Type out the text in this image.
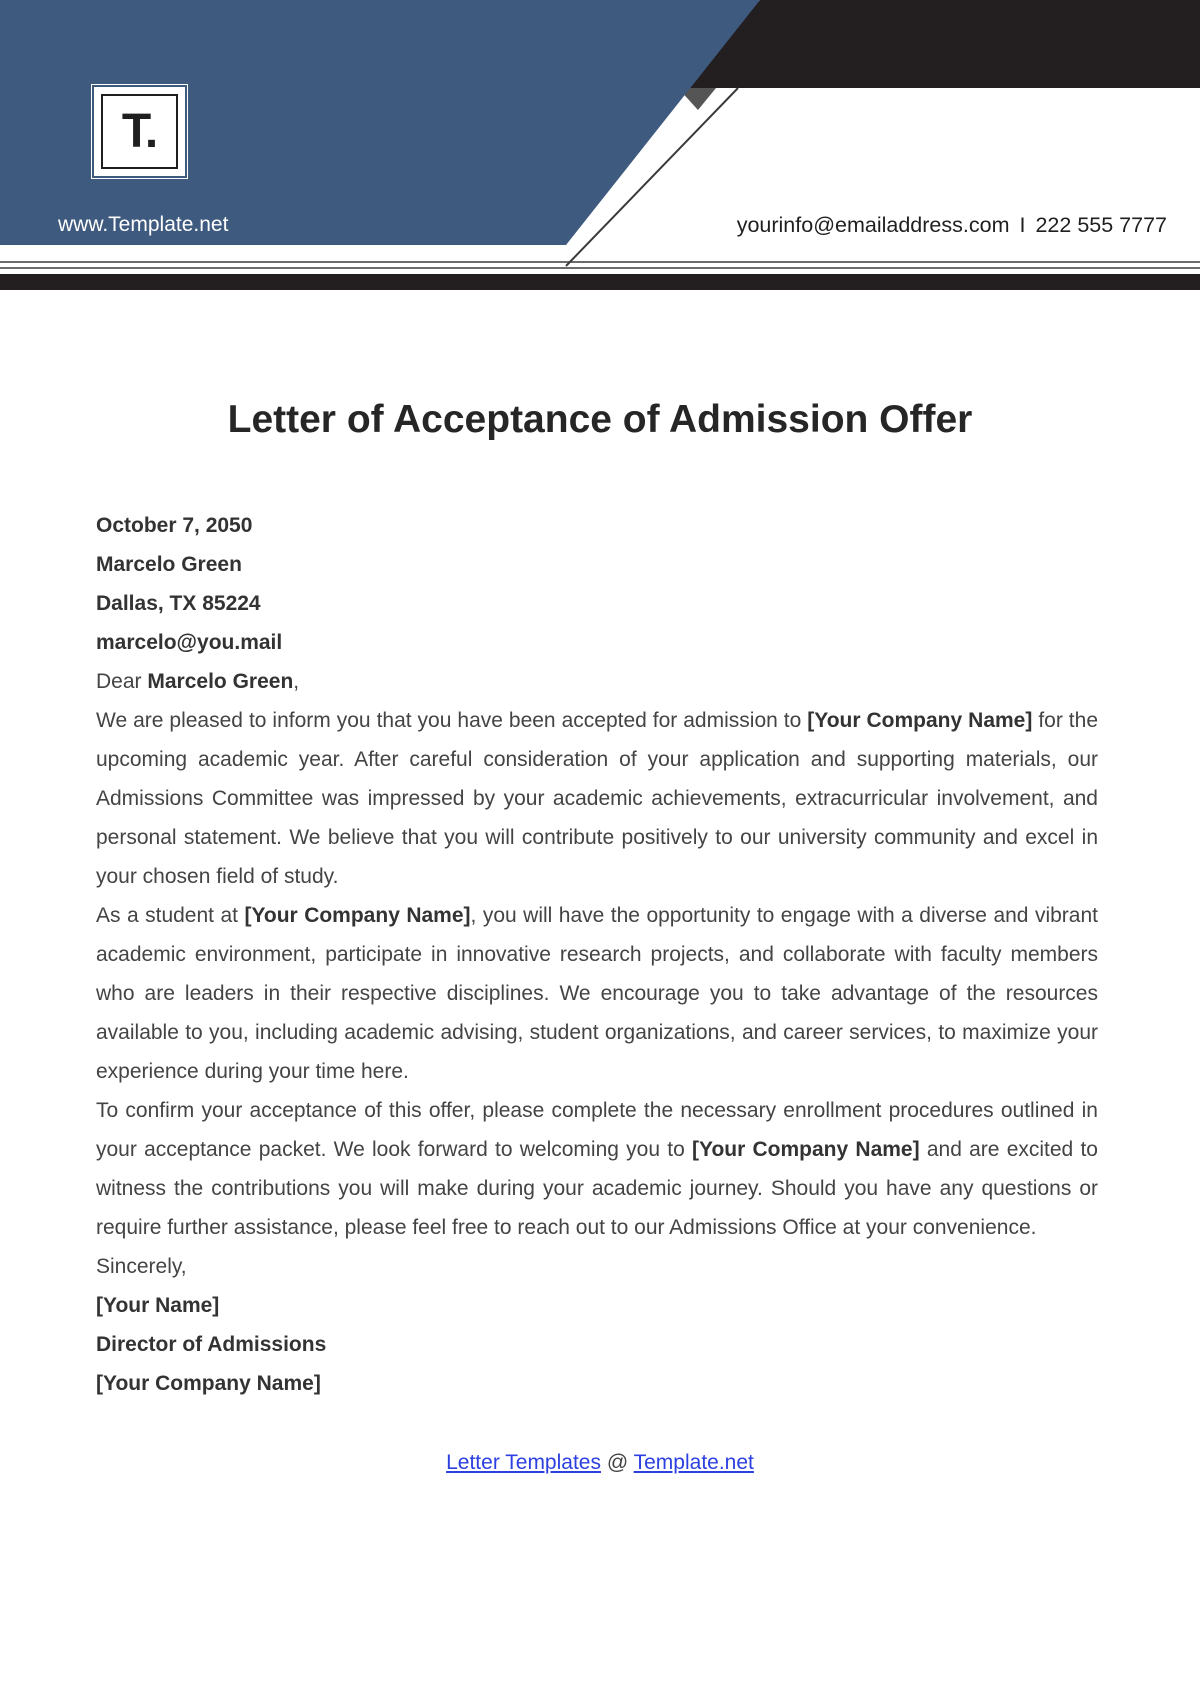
T.
www.Template.net	yourinfo@emailaddress.com I 222 555 7777
Letter of Acceptance of Admission Offer

October 7, 2050

Marcelo Green

Dallas, TX 85224

marcelo@you.mail

Dear Marcelo Green,

We are pleased to inform you that you have been accepted for admission to [Your Company Name] for the upcoming academic year. After careful consideration of your application and supporting materials, our Admissions Committee was impressed by your academic achievements, extracurricular involvement, and personal statement. We believe that you will contribute positively to our university community and excel in your chosen field of study.

As a student at [Your Company Name], you will have the opportunity to engage with a diverse and vibrant academic environment, participate in innovative research projects, and collaborate with faculty members who are leaders in their respective disciplines. We encourage you to take advantage of the resources available to you, including academic advising, student organizations, and career services, to maximize your experience during your time here.

To confirm your acceptance of this offer, please complete the necessary enrollment procedures outlined in your acceptance packet. We look forward to welcoming you to [Your Company Name] and are excited to witness the contributions you will make during your academic journey. Should you have any questions or require further assistance, please feel free to reach out to our Admissions Office at your convenience.

Sincerely,

[Your Name]

Director of Admissions

[Your Company Name]

Letter Templates @ Template.net
